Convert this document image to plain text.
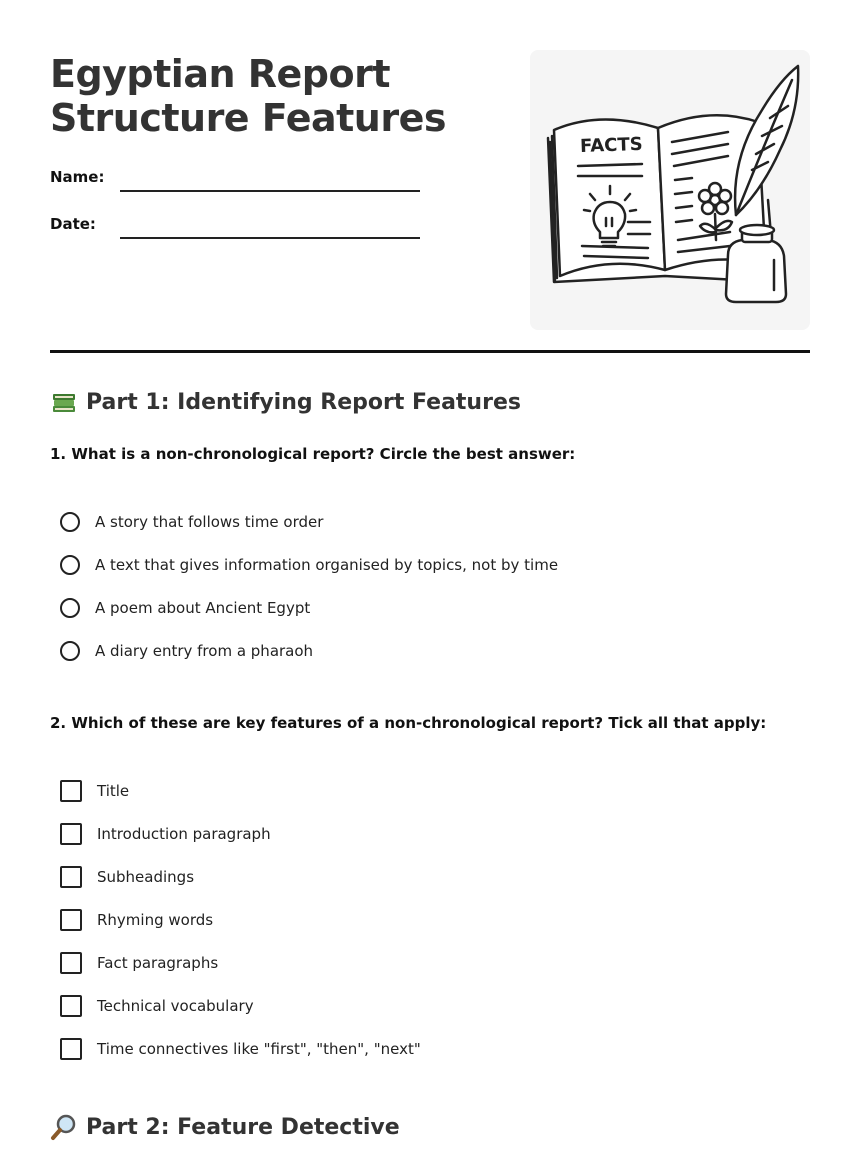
Egyptian Report
Structure Features
Name:
Date:
FACTS
Part 1: Identifying Report Features
1. What is a non-chronological report? Circle the best answer:
A story that follows time order
A text that gives information organised by topics, not by time
A poem about Ancient Egypt
A diary entry from a pharaoh
2. Which of these are key features of a non-chronological report? Tick all that apply:
Title
Introduction paragraph
Subheadings
Rhyming words
Fact paragraphs
Technical vocabulary
Time connectives like "first", "then", "next"
Part 2: Feature Detective
